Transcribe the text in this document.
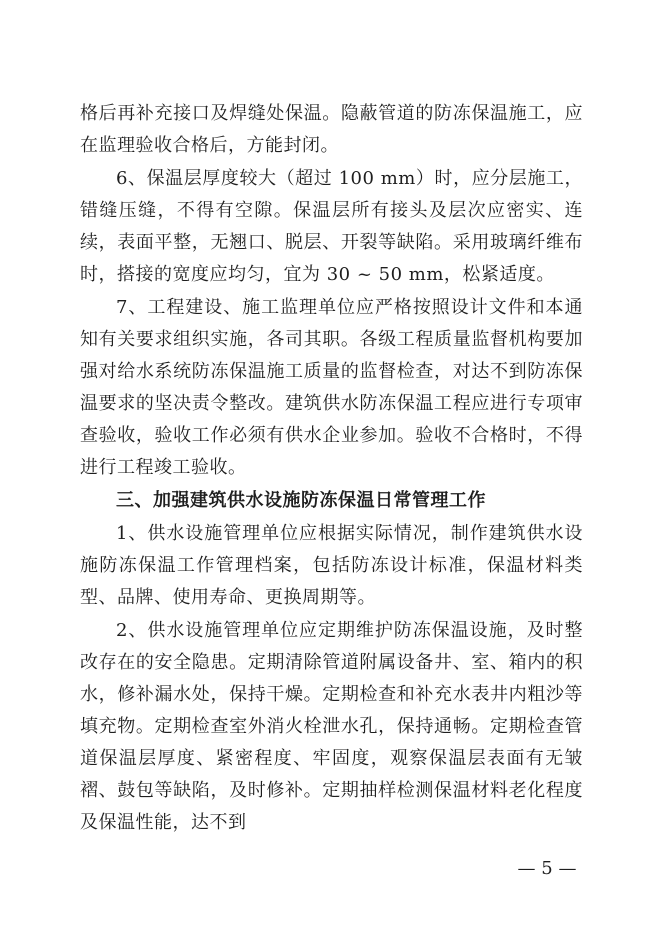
格后再补充接口及焊缝处保温。隐蔽管道的防冻保温施工，应在监理验收合格后，方能封闭。

6、保温层厚度较大（超过 100 mm）时，应分层施工，错缝压缝，不得有空隙。保温层所有接头及层次应密实、连续，表面平整，无翘口、脱层、开裂等缺陷。采用玻璃纤维布时，搭接的宽度应均匀，宜为 30 ~ 50 mm，松紧适度。

7、工程建设、施工监理单位应严格按照设计文件和本通知有关要求组织实施，各司其职。各级工程质量监督机构要加强对给水系统防冻保温施工质量的监督检查，对达不到防冻保温要求的坚决责令整改。建筑供水防冻保温工程应进行专项审查验收，验收工作必须有供水企业参加。验收不合格时，不得进行工程竣工验收。

三、加强建筑供水设施防冻保温日常管理工作

1、供水设施管理单位应根据实际情况，制作建筑供水设施防冻保温工作管理档案，包括防冻设计标准，保温材料类型、品牌、使用寿命、更换周期等。

2、供水设施管理单位应定期维护防冻保温设施，及时整改存在的安全隐患。定期清除管道附属设备井、室、箱内的积水，修补漏水处，保持干燥。定期检查和补充水表井内粗沙等填充物。定期检查室外消火栓泄水孔，保持通畅。定期检查管道保温层厚度、紧密程度、牢固度，观察保温层表面有无皱褶、鼓包等缺陷，及时修补。定期抽样检测保温材料老化程度及保温性能，达不到

— 5 —
